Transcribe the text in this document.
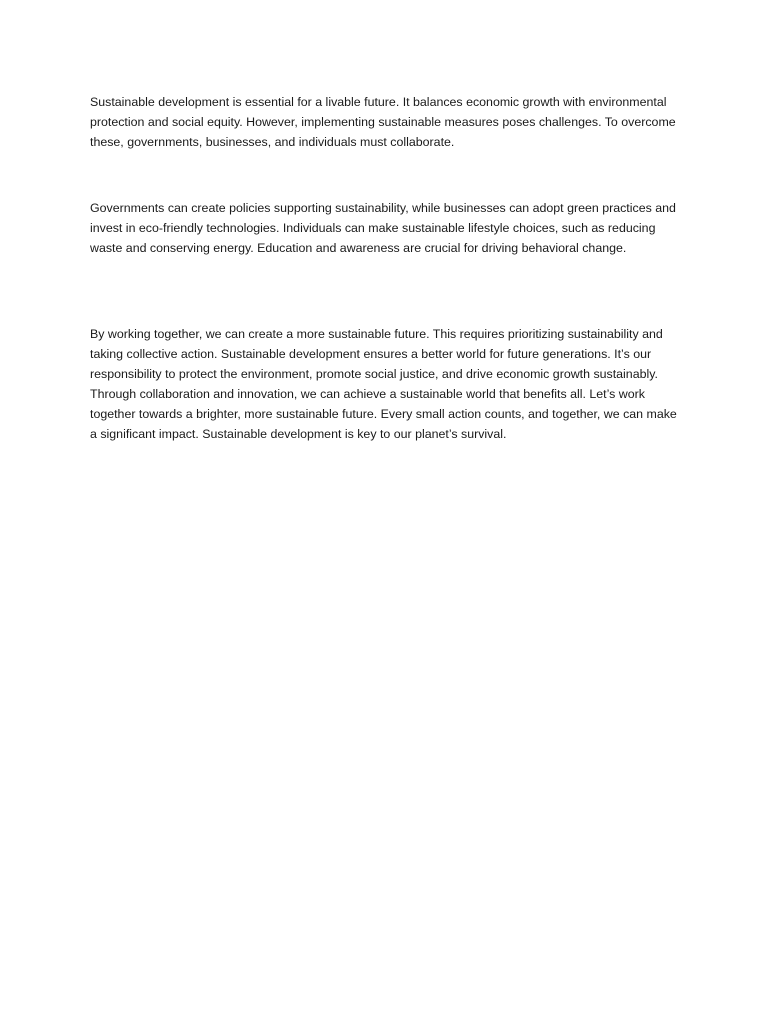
Sustainable development is essential for a livable future. It balances economic growth with environmental protection and social equity. However, implementing sustainable measures poses challenges. To overcome these, governments, businesses, and individuals must collaborate.

Governments can create policies supporting sustainability, while businesses can adopt green practices and invest in eco-friendly technologies. Individuals can make sustainable lifestyle choices, such as reducing waste and conserving energy. Education and awareness are crucial for driving behavioral change.

By working together, we can create a more sustainable future. This requires prioritizing sustainability and taking collective action. Sustainable development ensures a better world for future generations. It’s our responsibility to protect the environment, promote social justice, and drive economic growth sustainably. Through collaboration and innovation, we can achieve a sustainable world that benefits all. Let’s work together towards a brighter, more sustainable future. Every small action counts, and together, we can make a significant impact. Sustainable development is key to our planet’s survival.
